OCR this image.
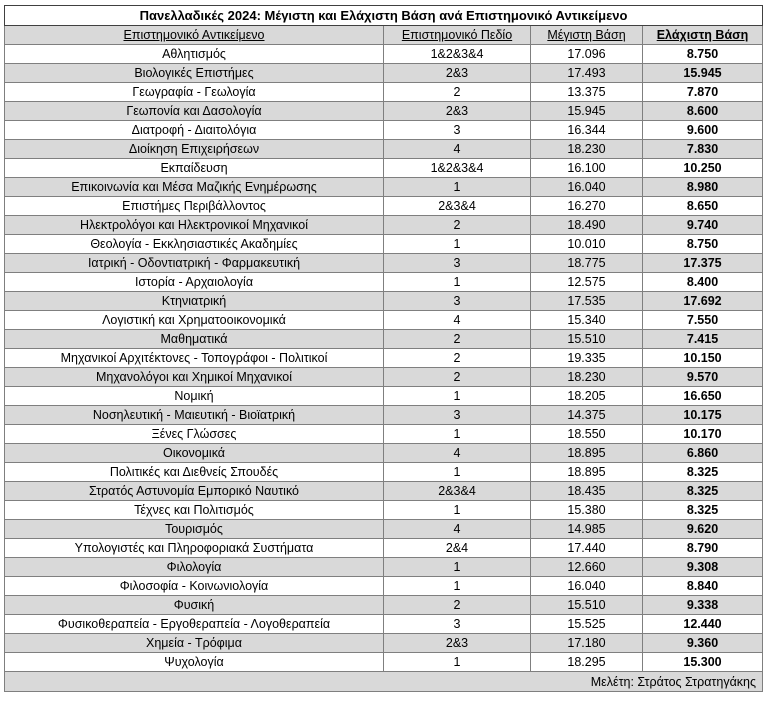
Πανελλαδικές 2024: Μέγιστη και Ελάχιστη Βάση ανά Επιστημονικό Αντικείμενο			
Επιστημονικό Αντικείμενο	Επιστημονικό Πεδίο	Μέγιστη Βάση	Ελάχιστη Βάση
Αθλητισμός	1&2&3&4	17.096	8.750
Βιολογικές Επιστήμες	2&3	17.493	15.945
Γεωγραφία - Γεωλογία	2	13.375	7.870
Γεωπονία και Δασολογία	2&3	15.945	8.600
Διατροφή - Διαιτολόγια	3	16.344	9.600
Διοίκηση Επιχειρήσεων	4	18.230	7.830
Εκπαίδευση	1&2&3&4	16.100	10.250
Επικοινωνία και Μέσα Μαζικής Ενημέρωσης	1	16.040	8.980
Επιστήμες Περιβάλλοντος	2&3&4	16.270	8.650
Ηλεκτρολόγοι και Ηλεκτρονικοί Μηχανικοί	2	18.490	9.740
Θεολογία - Εκκλησιαστικές Ακαδημίες	1	10.010	8.750
Ιατρική - Οδοντιατρική - Φαρμακευτική	3	18.775	17.375
Ιστορία - Αρχαιολογία	1	12.575	8.400
Κτηνιατρική	3	17.535	17.692
Λογιστική και Χρηματοοικονομικά	4	15.340	7.550
Μαθηματικά	2	15.510	7.415
Μηχανικοί Αρχιτέκτονες - Τοπογράφοι - Πολιτικοί	2	19.335	10.150
Μηχανολόγοι και Χημικοί Μηχανικοί	2	18.230	9.570
Νομική	1	18.205	16.650
Νοσηλευτική - Μαιευτική - Βιοϊατρική	3	14.375	10.175
Ξένες Γλώσσες	1	18.550	10.170
Οικονομικά	4	18.895	6.860
Πολιτικές και Διεθνείς Σπουδές	1	18.895	8.325
Στρατός Αστυνομία Εμπορικό Ναυτικό	2&3&4	18.435	8.325
Τέχνες και Πολιτισμός	1	15.380	8.325
Τουρισμός	4	14.985	9.620
Υπολογιστές και Πληροφοριακά Συστήματα	2&4	17.440	8.790
Φιλολογία	1	12.660	9.308
Φιλοσοφία - Κοινωνιολογία	1	16.040	8.840
Φυσική	2	15.510	9.338
Φυσικοθεραπεία - Εργοθεραπεία - Λογοθεραπεία	3	15.525	12.440
Χημεία - Τρόφιμα	2&3	17.180	9.360
Ψυχολογία	1	18.295	15.300
Μελέτη: Στράτος Στρατηγάκης			
